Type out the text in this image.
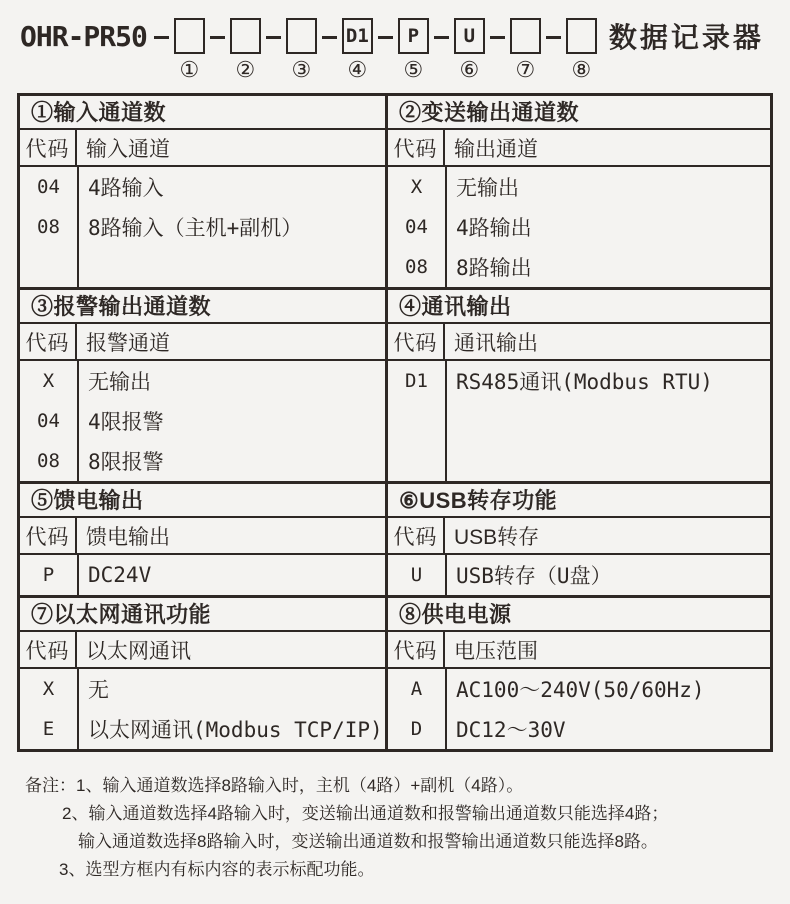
OHR-PR50
① ② ③
D1
④
P
⑤
U
⑥ ⑦ ⑧
数据记录器
①输入通道数
代码 输入通道
04	4路输入
08	8路输入（主机+副机）
②变送输出通道数
代码 输出通道
X	无输出
04	4路输出
08	8路输出
③报警输出通道数
代码 报警通道
X	无输出
04	4限报警
08	8限报警
④通讯输出
代码 通讯输出
D1	RS485通讯(Modbus RTU)
⑤馈电输出
代码 馈电输出
P	DC24V
⑥USB转存功能
代码 USB转存
U	USB转存（U盘）
⑦以太网通讯功能
代码 以太网通讯
X	无
E	以太网通讯(Modbus TCP/IP)
⑧供电电源
代码 电压范围
A	AC100～240V(50/60Hz)
D	DC12～30V
备注：1、输入通道数选择8路输入时，主机（4路）+副机（4路）。
2、输入通道数选择4路输入时，变送输出通道数和报警输出通道数只能选择4路；
输入通道数选择8路输入时，变送输出通道数和报警输出通道数只能选择8路。
3、选型方框内有标内容的表示标配功能。
